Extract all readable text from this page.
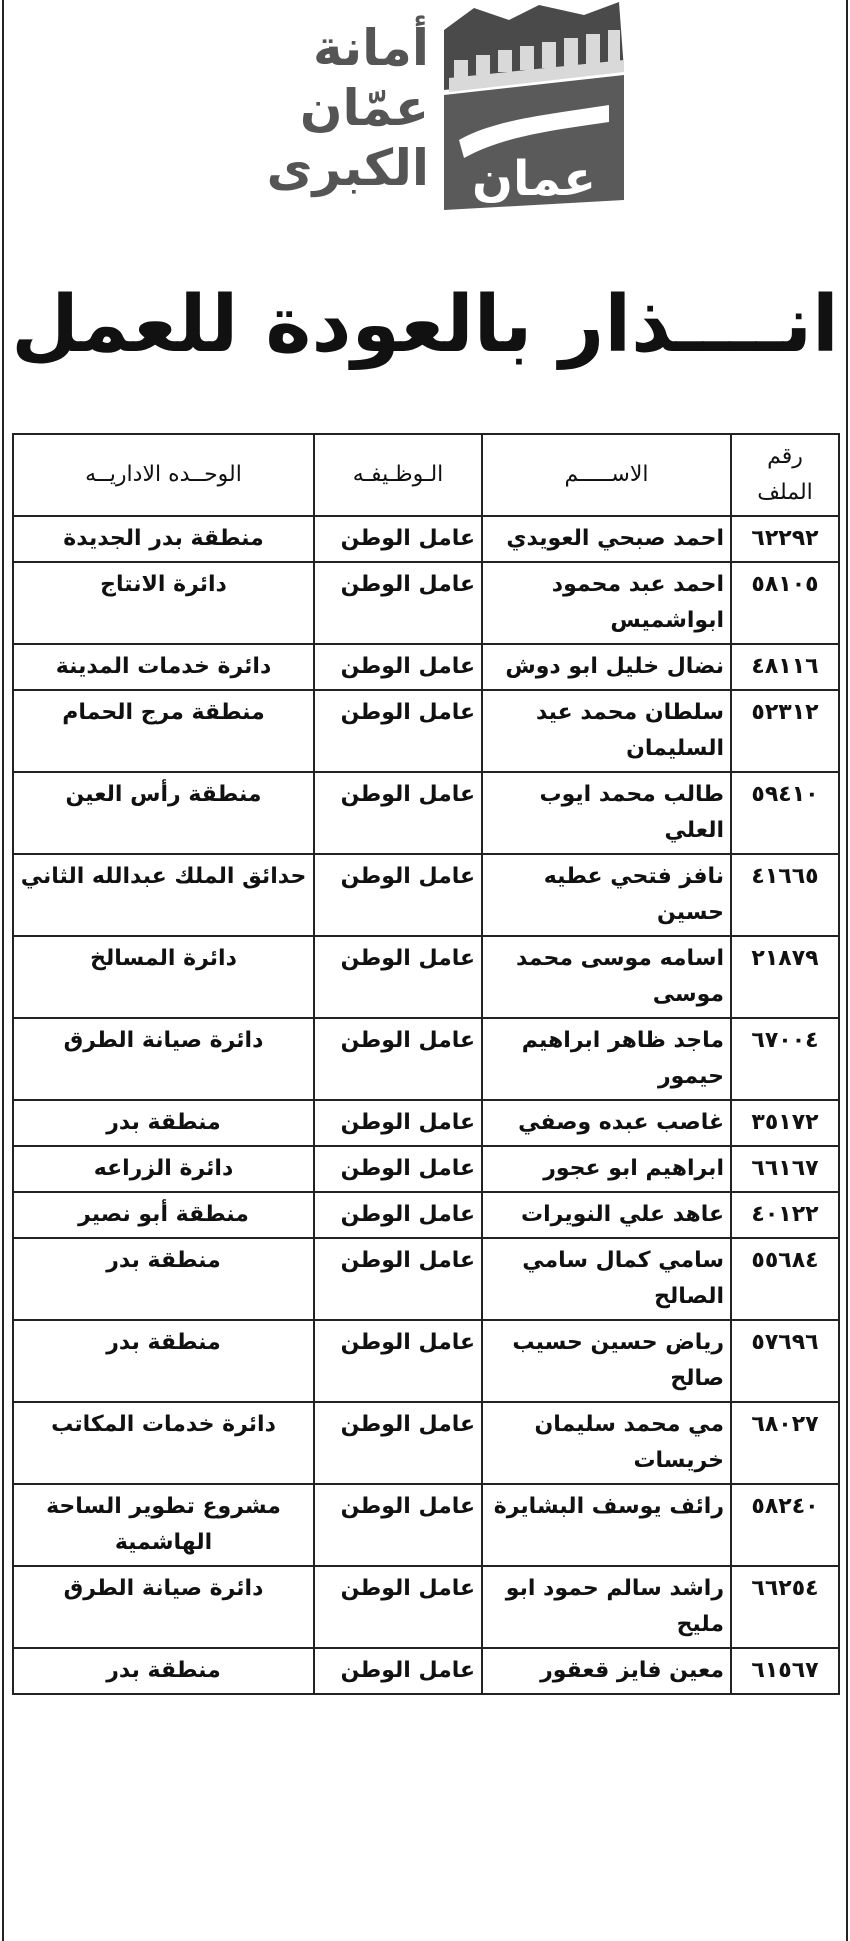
أمانة
عمّان
الكبرى عمان
انــــذار بالعودة للعمل
رقم الملف	الاســـــم	الـوظـيفـه	الوحــده الاداريــه
٦٢٢٩٢	احمد صبحي العويدي	عامل الوطن	منطقة بدر الجديدة
٥٨١٠٥	احمد عبد محمود ابواشميس	عامل الوطن	دائرة الانتاج
٤٨١١٦	نضال خليل ابو دوش	عامل الوطن	دائرة خدمات المدينة
٥٢٣١٢	سلطان محمد عيد السليمان	عامل الوطن	منطقة مرج الحمام
٥٩٤١٠	طالب محمد ايوب العلي	عامل الوطن	منطقة رأس العين
٤١٦٦٥	نافز فتحي عطيه حسين	عامل الوطن	حدائق الملك عبدالله الثاني
٢١٨٧٩	اسامه موسى محمد موسى	عامل الوطن	دائرة المسالخ
٦٧٠٠٤	ماجد ظاهر ابراهيم حيمور	عامل الوطن	دائرة صيانة الطرق
٣٥١٧٢	غاصب عبده وصفي	عامل الوطن	منطقة بدر
٦٦١٦٧	ابراهيم ابو عجور	عامل الوطن	دائرة الزراعه
٤٠١٢٢	عاهد علي النويرات	عامل الوطن	منطقة أبو نصير
٥٥٦٨٤	سامي كمال سامي الصالح	عامل الوطن	منطقة بدر
٥٧٦٩٦	رياض حسين حسيب صالح	عامل الوطن	منطقة بدر
٦٨٠٢٧	مي محمد سليمان خريسات	عامل الوطن	دائرة خدمات المكاتب
٥٨٢٤٠	رائف يوسف البشايرة	عامل الوطن	مشروع تطوير الساحة الهاشمية
٦٦٢٥٤	راشد سالم حمود ابو مليح	عامل الوطن	دائرة صيانة الطرق
٦١٥٦٧	معين فايز قعقور	عامل الوطن	منطقة بدر
